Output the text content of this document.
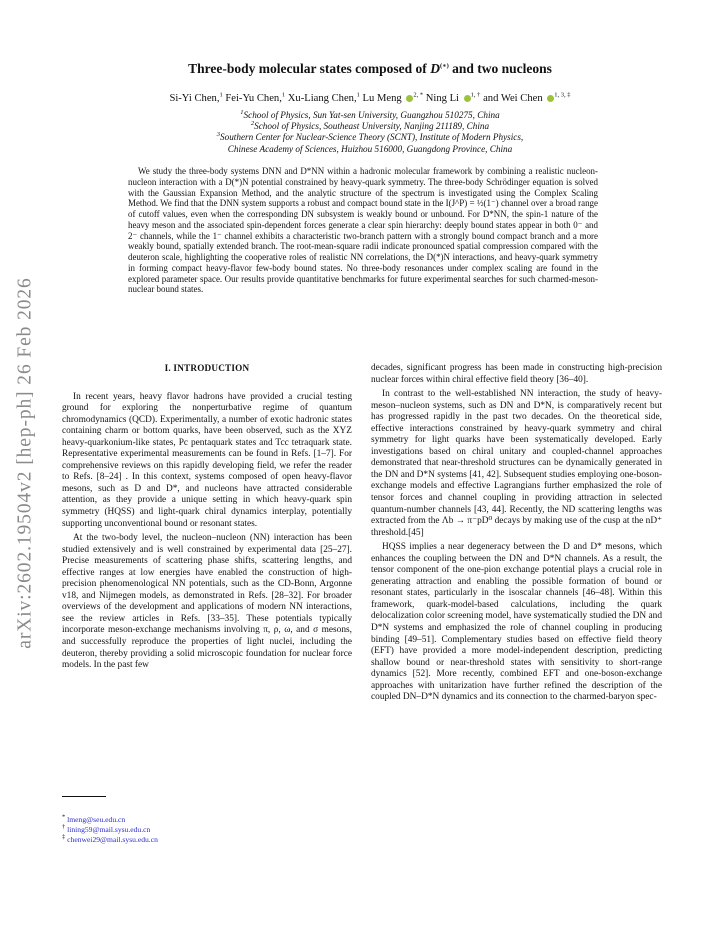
arXiv:2602.19504v2 [hep-ph] 26 Feb 2026
Three-body molecular states composed of D(∗) and two nucleons
Si-Yi Chen,$^1$ Fei-Yu Chen,$^1$ Xu-Liang Chen,$^1$ Lu Meng $^{2, *}$ Ning Li $^{1, \dagger}$ and Wei Chen $^{1, 3, \ddagger}$
$^1$School of Physics, Sun Yat-sen University, Guangzhou 510275, China
$^2$School of Physics, Southeast University, Nanjing 211189, China
$^3$Southern Center for Nuclear-Science Theory (SCNT), Institute of Modern Physics,
Chinese Academy of Sciences, Huizhou 516000, Guangdong Province, China

We study the three-body systems DNN and D*NN within a hadronic molecular framework by combining a realistic nucleon-nucleon interaction with a D(*)N potential constrained by heavy-quark symmetry. The three-body Schrödinger equation is solved with the Gaussian Expansion Method, and the analytic structure of the spectrum is investigated using the Complex Scaling Method. We find that the DNN system supports a robust and compact bound state in the I(J^P) = ½(1⁻) channel over a broad range of cutoff values, even when the corresponding DN subsystem is weakly bound or unbound. For D*NN, the spin-1 nature of the heavy meson and the associated spin-dependent forces generate a clear spin hierarchy: deeply bound states appear in both 0⁻ and 2⁻ channels, while the 1⁻ channel exhibits a characteristic two-branch pattern with a strongly bound compact branch and a more weakly bound, spatially extended branch. The root-mean-square radii indicate pronounced spatial compression compared with the deuteron scale, highlighting the cooperative roles of realistic NN correlations, the D(*)N interactions, and heavy-quark symmetry in forming compact heavy-flavor few-body bound states. No three-body resonances under complex scaling are found in the explored parameter space. Our results provide quantitative benchmarks for future experimental searches for such charmed-meson-nuclear bound states.

I. INTRODUCTION

In recent years, heavy flavor hadrons have provided a crucial testing ground for exploring the nonperturbative regime of quantum chromodynamics (QCD). Experimentally, a number of exotic hadronic states containing charm or bottom quarks, have been observed, such as the XYZ heavy-quarkonium-like states, Pc pentaquark states and Tcc tetraquark state. Representative experimental measurements can be found in Refs. [1–7]. For comprehensive reviews on this rapidly developing field, we refer the reader to Refs. [8–24] . In this context, systems composed of open heavy-flavor mesons, such as D and D*, and nucleons have attracted considerable attention, as they provide a unique setting in which heavy-quark spin symmetry (HQSS) and light-quark chiral dynamics interplay, potentially supporting unconventional bound or resonant states.

At the two-body level, the nucleon–nucleon (NN) interaction has been studied extensively and is well constrained by experimental data [25–27]. Precise measurements of scattering phase shifts, scattering lengths, and effective ranges at low energies have enabled the construction of high-precision phenomenological NN potentials, such as the CD-Bonn, Argonne v18, and Nijmegen models, as demonstrated in Refs. [28–32]. For broader overviews of the development and applications of modern NN interactions, see the review articles in Refs. [33–35]. These potentials typically incorporate meson-exchange mechanisms involving π, ρ, ω, and σ mesons, and successfully reproduce the properties of light nuclei, including the deuteron, thereby providing a solid microscopic foundation for nuclear force models. In the past few

decades, significant progress has been made in constructing high-precision nuclear forces within chiral effective field theory [36–40].

In contrast to the well-established NN interaction, the study of heavy-meson–nucleon systems, such as DN and D*N, is comparatively recent but has progressed rapidly in the past two decades. On the theoretical side, effective interactions constrained by heavy-quark symmetry and chiral symmetry for light quarks have been systematically developed. Early investigations based on chiral unitary and coupled-channel approaches demonstrated that near-threshold structures can be dynamically generated in the DN and D*N systems [41, 42]. Subsequent studies employing one-boson-exchange models and effective Lagrangians further emphasized the role of tensor forces and channel coupling in providing attraction in selected quantum-number channels [43, 44]. Recently, the ND scattering lengths was extracted from the Λb → π⁻pD⁰ decays by making use of the cusp at the nD⁺ threshold.[45]

HQSS implies a near degeneracy between the D and D* mesons, which enhances the coupling between the DN and D*N channels. As a result, the tensor component of the one-pion exchange potential plays a crucial role in generating attraction and enabling the possible formation of bound or resonant states, particularly in the isoscalar channels [46–48]. Within this framework, quark-model-based calculations, including the quark delocalization color screening model, have systematically studied the DN and D*N systems and emphasized the role of channel coupling in producing binding [49–51]. Complementary studies based on effective field theory (EFT) have provided a more model-independent description, predicting shallow bound or near-threshold states with sensitivity to short-range dynamics [52]. More recently, combined EFT and one-boson-exchange approaches with unitarization have further refined the description of the coupled DN–D*N dynamics and its connection to the charmed-baryon spec-

* lmeng@seu.edu.cn
† lining59@mail.sysu.edu.cn
‡ chenwei29@mail.sysu.edu.cn
